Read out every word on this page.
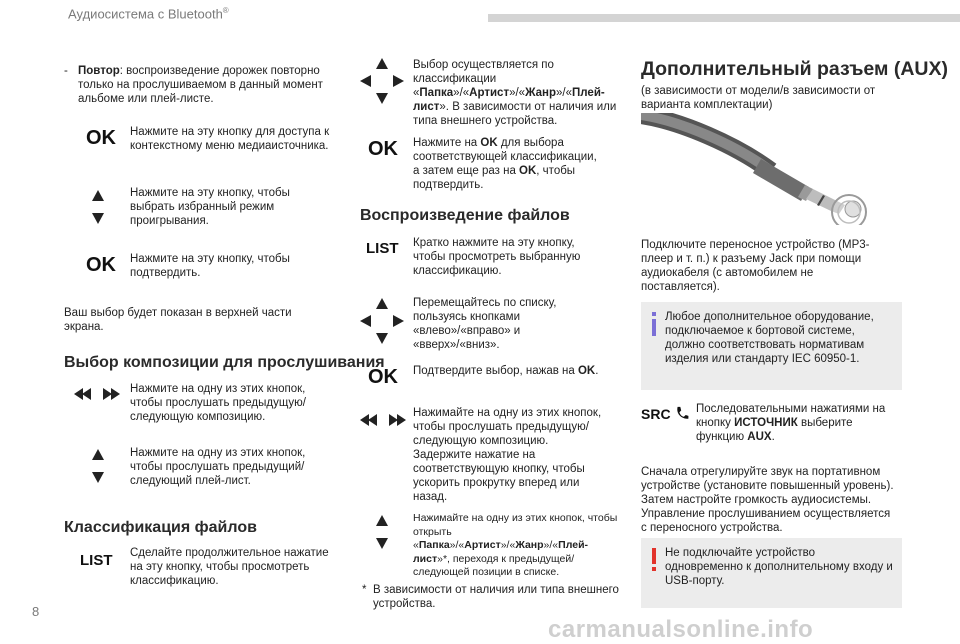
Аудиосистема с Bluetooth®
- Повтор: воспроизведение дорожек повторно только на прослушиваемом в данный момент альбоме или плей-листе.
OK Нажмите на эту кнопку для доступа к контекстному меню медиаисточника.
Нажмите на эту кнопку, чтобы выбрать избранный режим проигрывания.
OK Нажмите на эту кнопку, чтобы подтвердить.
Ваш выбор будет показан в верхней части экрана.
Выбор композиции для прослушивания
Нажмите на одну из этих кнопок, чтобы прослушать предыдущую/следующую композицию.
Нажмите на одну из этих кнопок, чтобы прослушать предыдущий/следующий плей-лист.
Классификация файлов
LIST Сделайте продолжительное нажатие на эту кнопку, чтобы просмотреть классификацию.
Выбор осуществляется по классификации «Папка»/«Артист»/«Жанр»/«Плей-лист». В зависимости от наличия или типа внешнего устройства.
OK Нажмите на OK для выбора соответствующей классификации, а затем еще раз на OK, чтобы подтвердить.
Воспроизведение файлов
LIST Кратко нажмите на эту кнопку, чтобы просмотреть выбранную классификацию.
Перемещайтесь по списку, пользуясь кнопками «влево»/«вправо» и «вверх»/«вниз».
OK Подтвердите выбор, нажав на OK.
Нажимайте на одну из этих кнопок, чтобы прослушать предыдущую/ следующую композицию. Задержите нажатие на соответствующую кнопку, чтобы ускорить прокрутку вперед или назад.
Нажимайте на одну из этих кнопок, чтобы открыть «Папка»/«Артист»/«Жанр»/«Плей-лист»*, переходя к предыдущей/следующей позиции в списке.
* В зависимости от наличия или типа внешнего устройства.
Дополнительный разъем (AUX)
(в зависимости от модели/в зависимости от варианта комплектации)
Подключите переносное устройство (МР3-плеер и т. п.) к разъему Jack при помощи аудиокабеля (с автомобилем не поставляется).
Любое дополнительное оборудование, подключаемое к бортовой системе, должно соответствовать нормативам изделия или стандарту IEC 60950-1.
SRC Последовательными нажатиями на кнопку ИСТОЧНИК выберите функцию AUX.
Сначала отрегулируйте звук на портативном устройстве (установите повышенный уровень). Затем настройте громкость аудиосистемы. Управление прослушиванием осуществляется с переносного устройства.
Не подключайте устройство одновременно к дополнительному входу и USB-порту.
8
carmanualsonline.info
